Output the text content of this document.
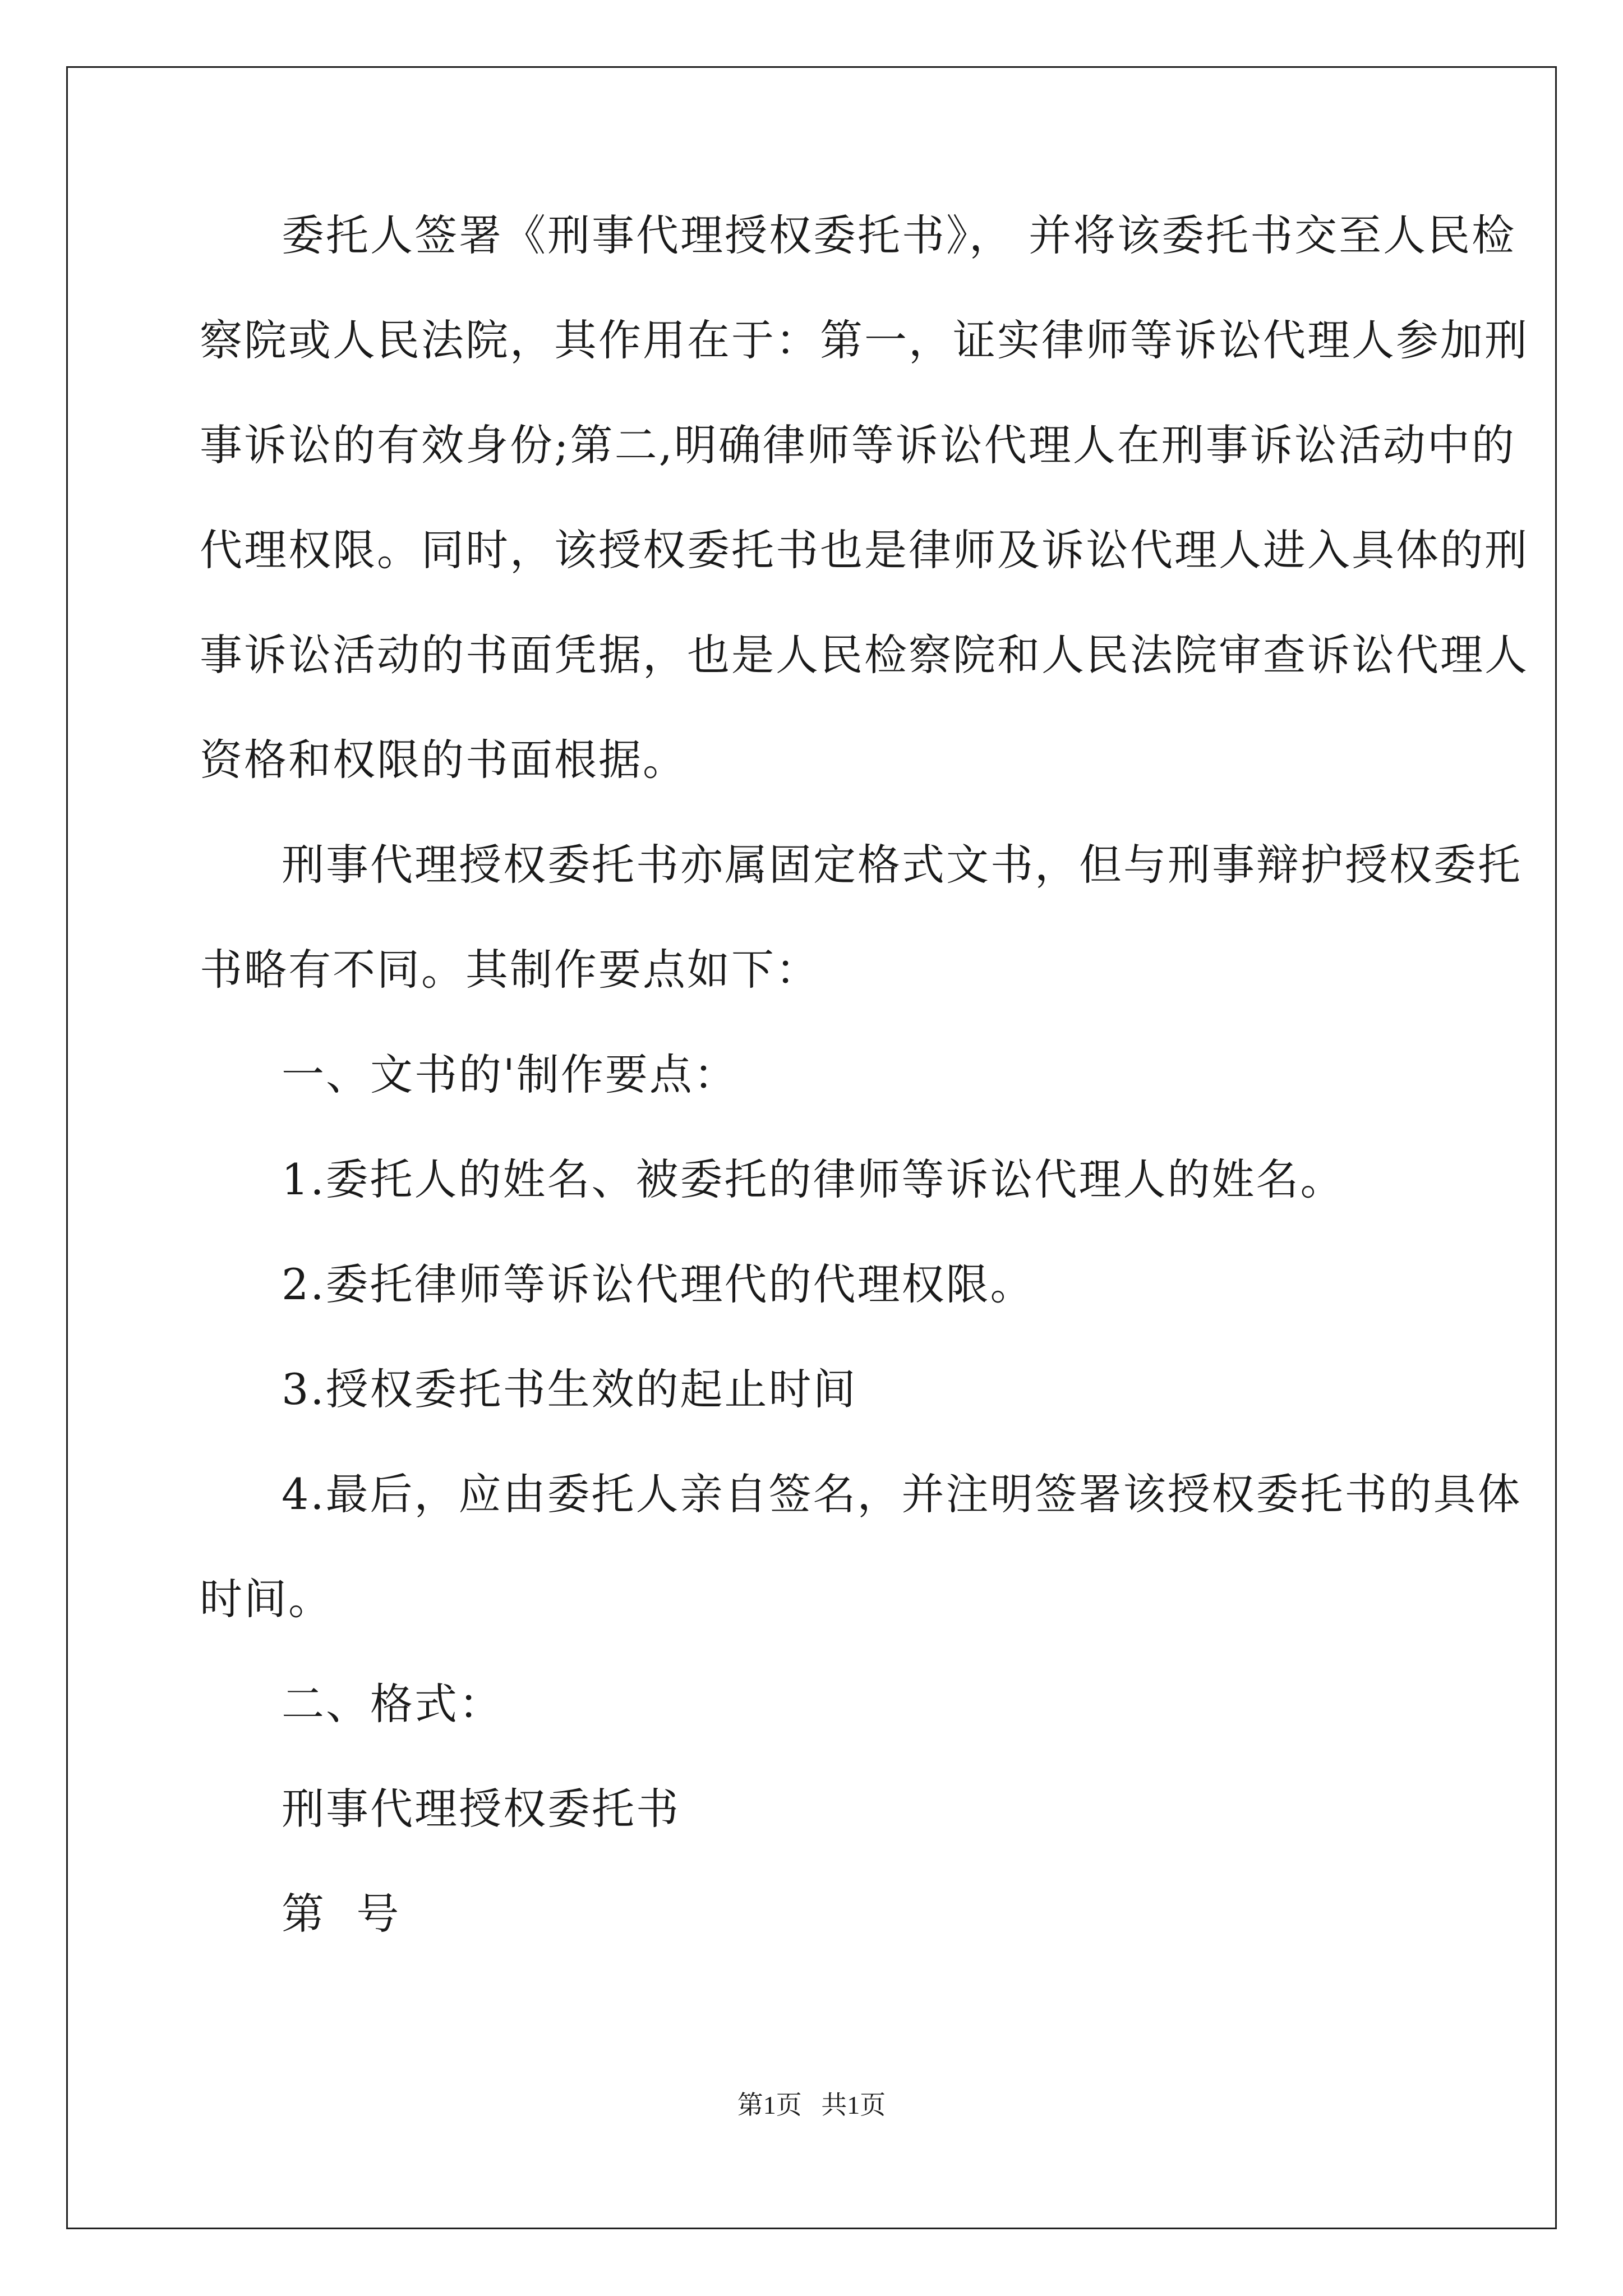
委托人签署《刑事代理授权委托书》， 并将该委托书交至人民检
察院或人民法院，其作用在于：第一，证实律师等诉讼代理人参加刑
事诉讼的有效身份;第二,明确律师等诉讼代理人在刑事诉讼活动中的
代理权限。同时，该授权委托书也是律师及诉讼代理人进入具体的刑
事诉讼活动的书面凭据，也是人民检察院和人民法院审查诉讼代理人
资格和权限的书面根据。
刑事代理授权委托书亦属固定格式文书，但与刑事辩护授权委托
书略有不同。其制作要点如下：
一、文书的'制作要点：
1.委托人的姓名、被委托的律师等诉讼代理人的姓名。
2.委托律师等诉讼代理代的代理权限。
3.授权委托书生效的起止时间
4.最后，应由委托人亲自签名，并注明签署该授权委托书的具体
时间。
二、格式：
刑事代理授权委托书
第  号
第1页   共1页
